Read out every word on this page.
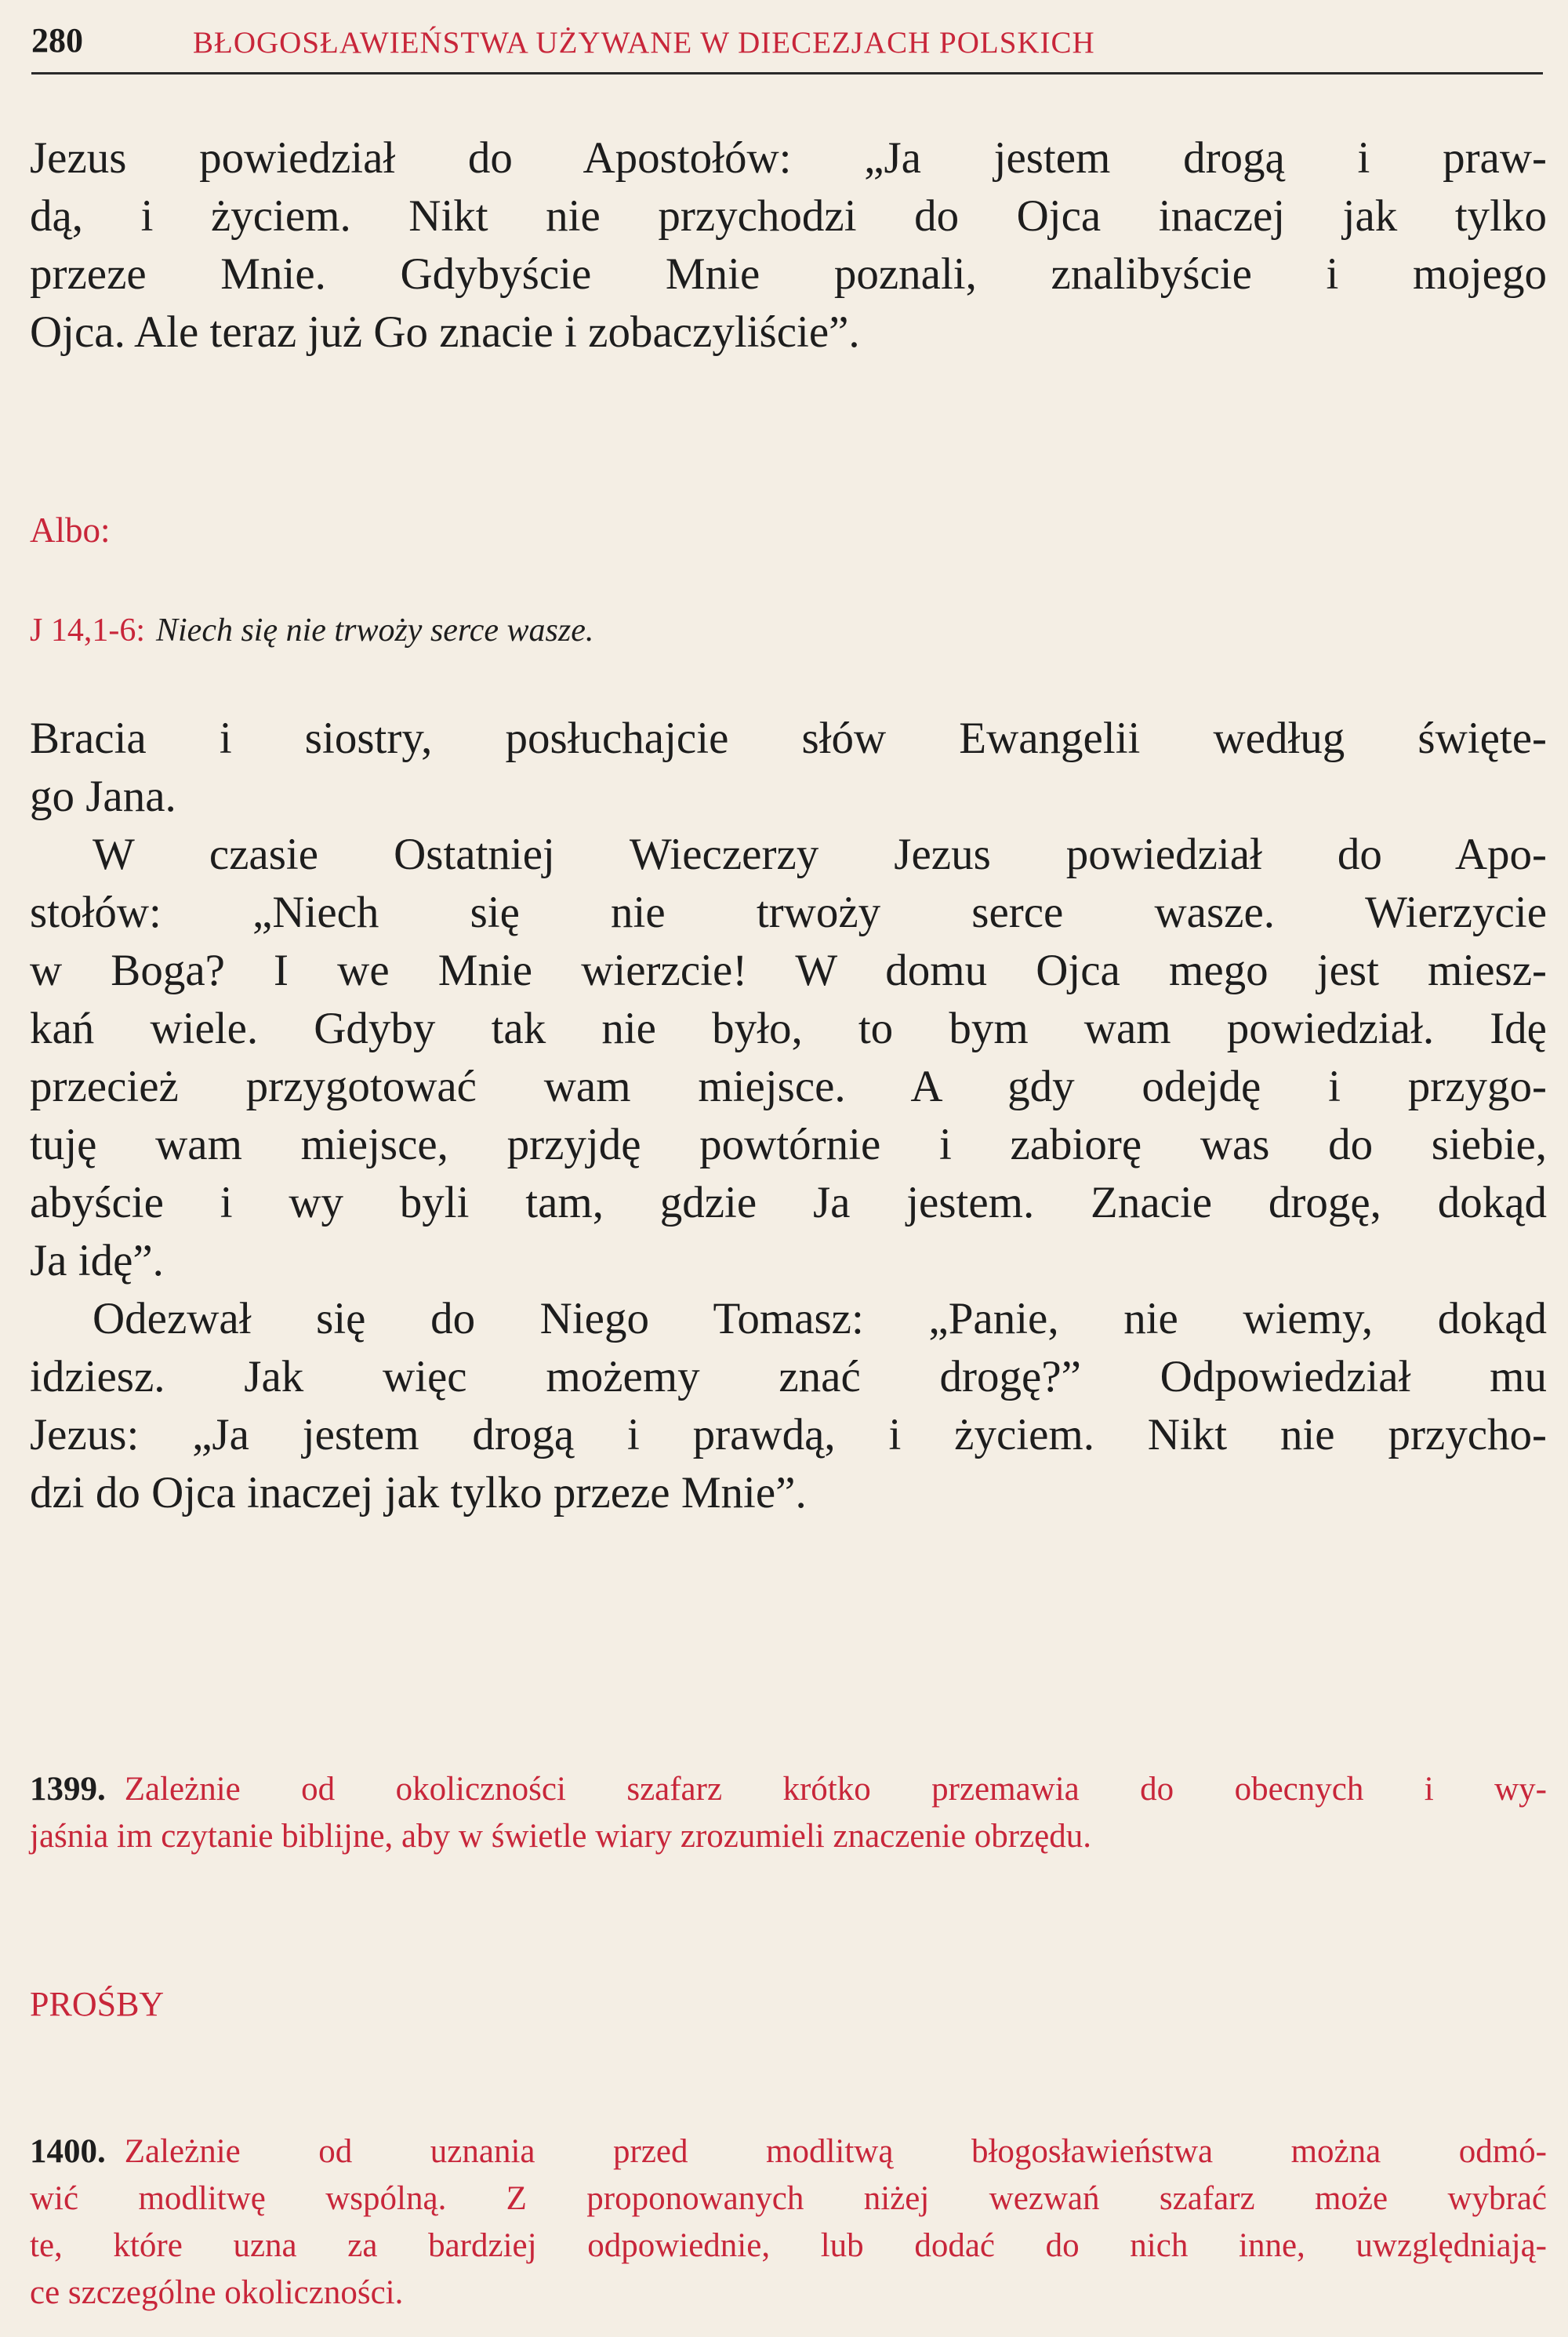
280	BŁOGOSŁAWIEŃSTWA UŻYWANE W DIECEZJACH POLSKICH
Jezus powiedział do Apostołów: „Ja jestem drogą i praw-
dą, i życiem. Nikt nie przychodzi do Ojca inaczej jak tylko
przeze Mnie. Gdybyście Mnie poznali, znalibyście i mojego
Ojca. Ale teraz już Go znacie i zobaczyliście”.
Albo:
J 14,1-6: Niech się nie trwoży serce wasze.
Bracia i siostry, posłuchajcie słów Ewangelii według święte-
go Jana.
W czasie Ostatniej Wieczerzy Jezus powiedział do Apo-
stołów: „Niech się nie trwoży serce wasze. Wierzycie
w Boga? I we Mnie wierzcie! W domu Ojca mego jest miesz-
kań wiele. Gdyby tak nie było, to bym wam powiedział. Idę
przecież przygotować wam miejsce. A gdy odejdę i przygo-
tuję wam miejsce, przyjdę powtórnie i zabiorę was do siebie,
abyście i wy byli tam, gdzie Ja jestem. Znacie drogę, dokąd
Ja idę”.
Odezwał się do Niego Tomasz: „Panie, nie wiemy, dokąd
idziesz. Jak więc możemy znać drogę?” Odpowiedział mu
Jezus: „Ja jestem drogą i prawdą, i życiem. Nikt nie przycho-
dzi do Ojca inaczej jak tylko przeze Mnie”.
1399. Zależnie od okoliczności szafarz krótko przemawia do obecnych i wy-
jaśnia im czytanie biblijne, aby w świetle wiary zrozumieli znaczenie obrzędu.
PROŚBY
1400. Zależnie od uznania przed modlitwą błogosławieństwa można odmó-
wić modlitwę wspólną. Z proponowanych niżej wezwań szafarz może wybrać
te, które uzna za bardziej odpowiednie, lub dodać do nich inne, uwzględniają-
ce szczególne okoliczności.
